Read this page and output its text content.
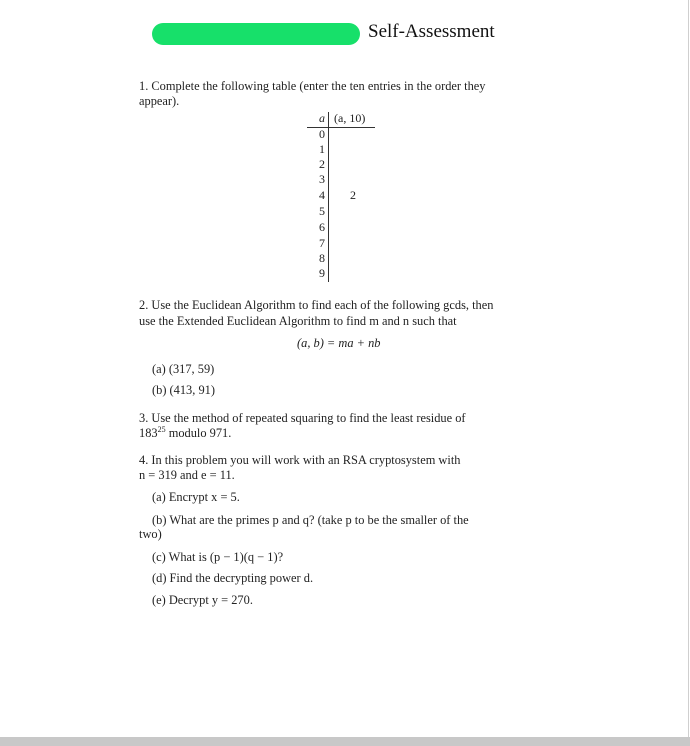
Self-Assessment
1. Complete the following table (enter the ten entries in the order they
appear).
a (a, 10)
0
1
2
3
4
5
6
7
8
9
2
2. Use the Euclidean Algorithm to find each of the following gcds, then
use the Extended Euclidean Algorithm to find m and n such that
(a, b) = ma + nb
(a) (317, 59)
(b) (413, 91)
3. Use the method of repeated squaring to find the least residue of
$183^{25}$ modulo 971.
4. In this problem you will work with an RSA cryptosystem with
n = 319 and e = 11.
(a) Encrypt x = 5.
(b) What are the primes p and q? (take p to be the smaller of the
two)
(c) What is (p − 1)(q − 1)?
(d) Find the decrypting power d.
(e) Decrypt y = 270.
